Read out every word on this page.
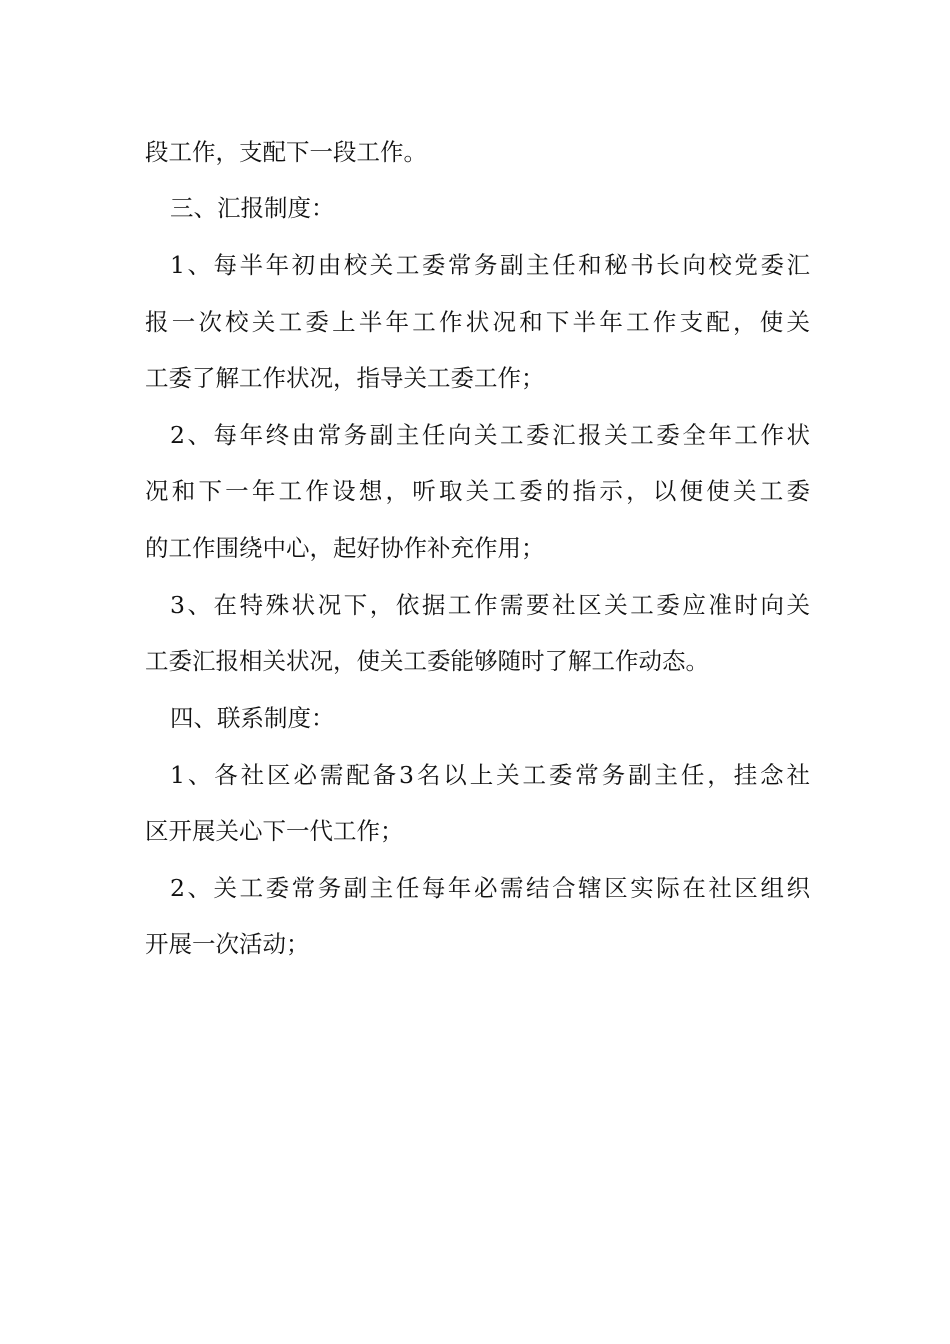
段工作，支配下一段工作。
三、汇报制度：
1、每半年初由校关工委常务副主任和秘书长向校党委汇
报一次校关工委上半年工作状况和下半年工作支配，使关
工委了解工作状况，指导关工委工作；
2、每年终由常务副主任向关工委汇报关工委全年工作状
况和下一年工作设想，听取关工委的指示，以便使关工委
的工作围绕中心，起好协作补充作用；
3、在特殊状况下，依据工作需要社区关工委应准时向关
工委汇报相关状况，使关工委能够随时了解工作动态。
四、联系制度：
1、各社区必需配备3名以上关工委常务副主任，挂念社
区开展关心下一代工作；
2、关工委常务副主任每年必需结合辖区实际在社区组织
开展一次活动；
